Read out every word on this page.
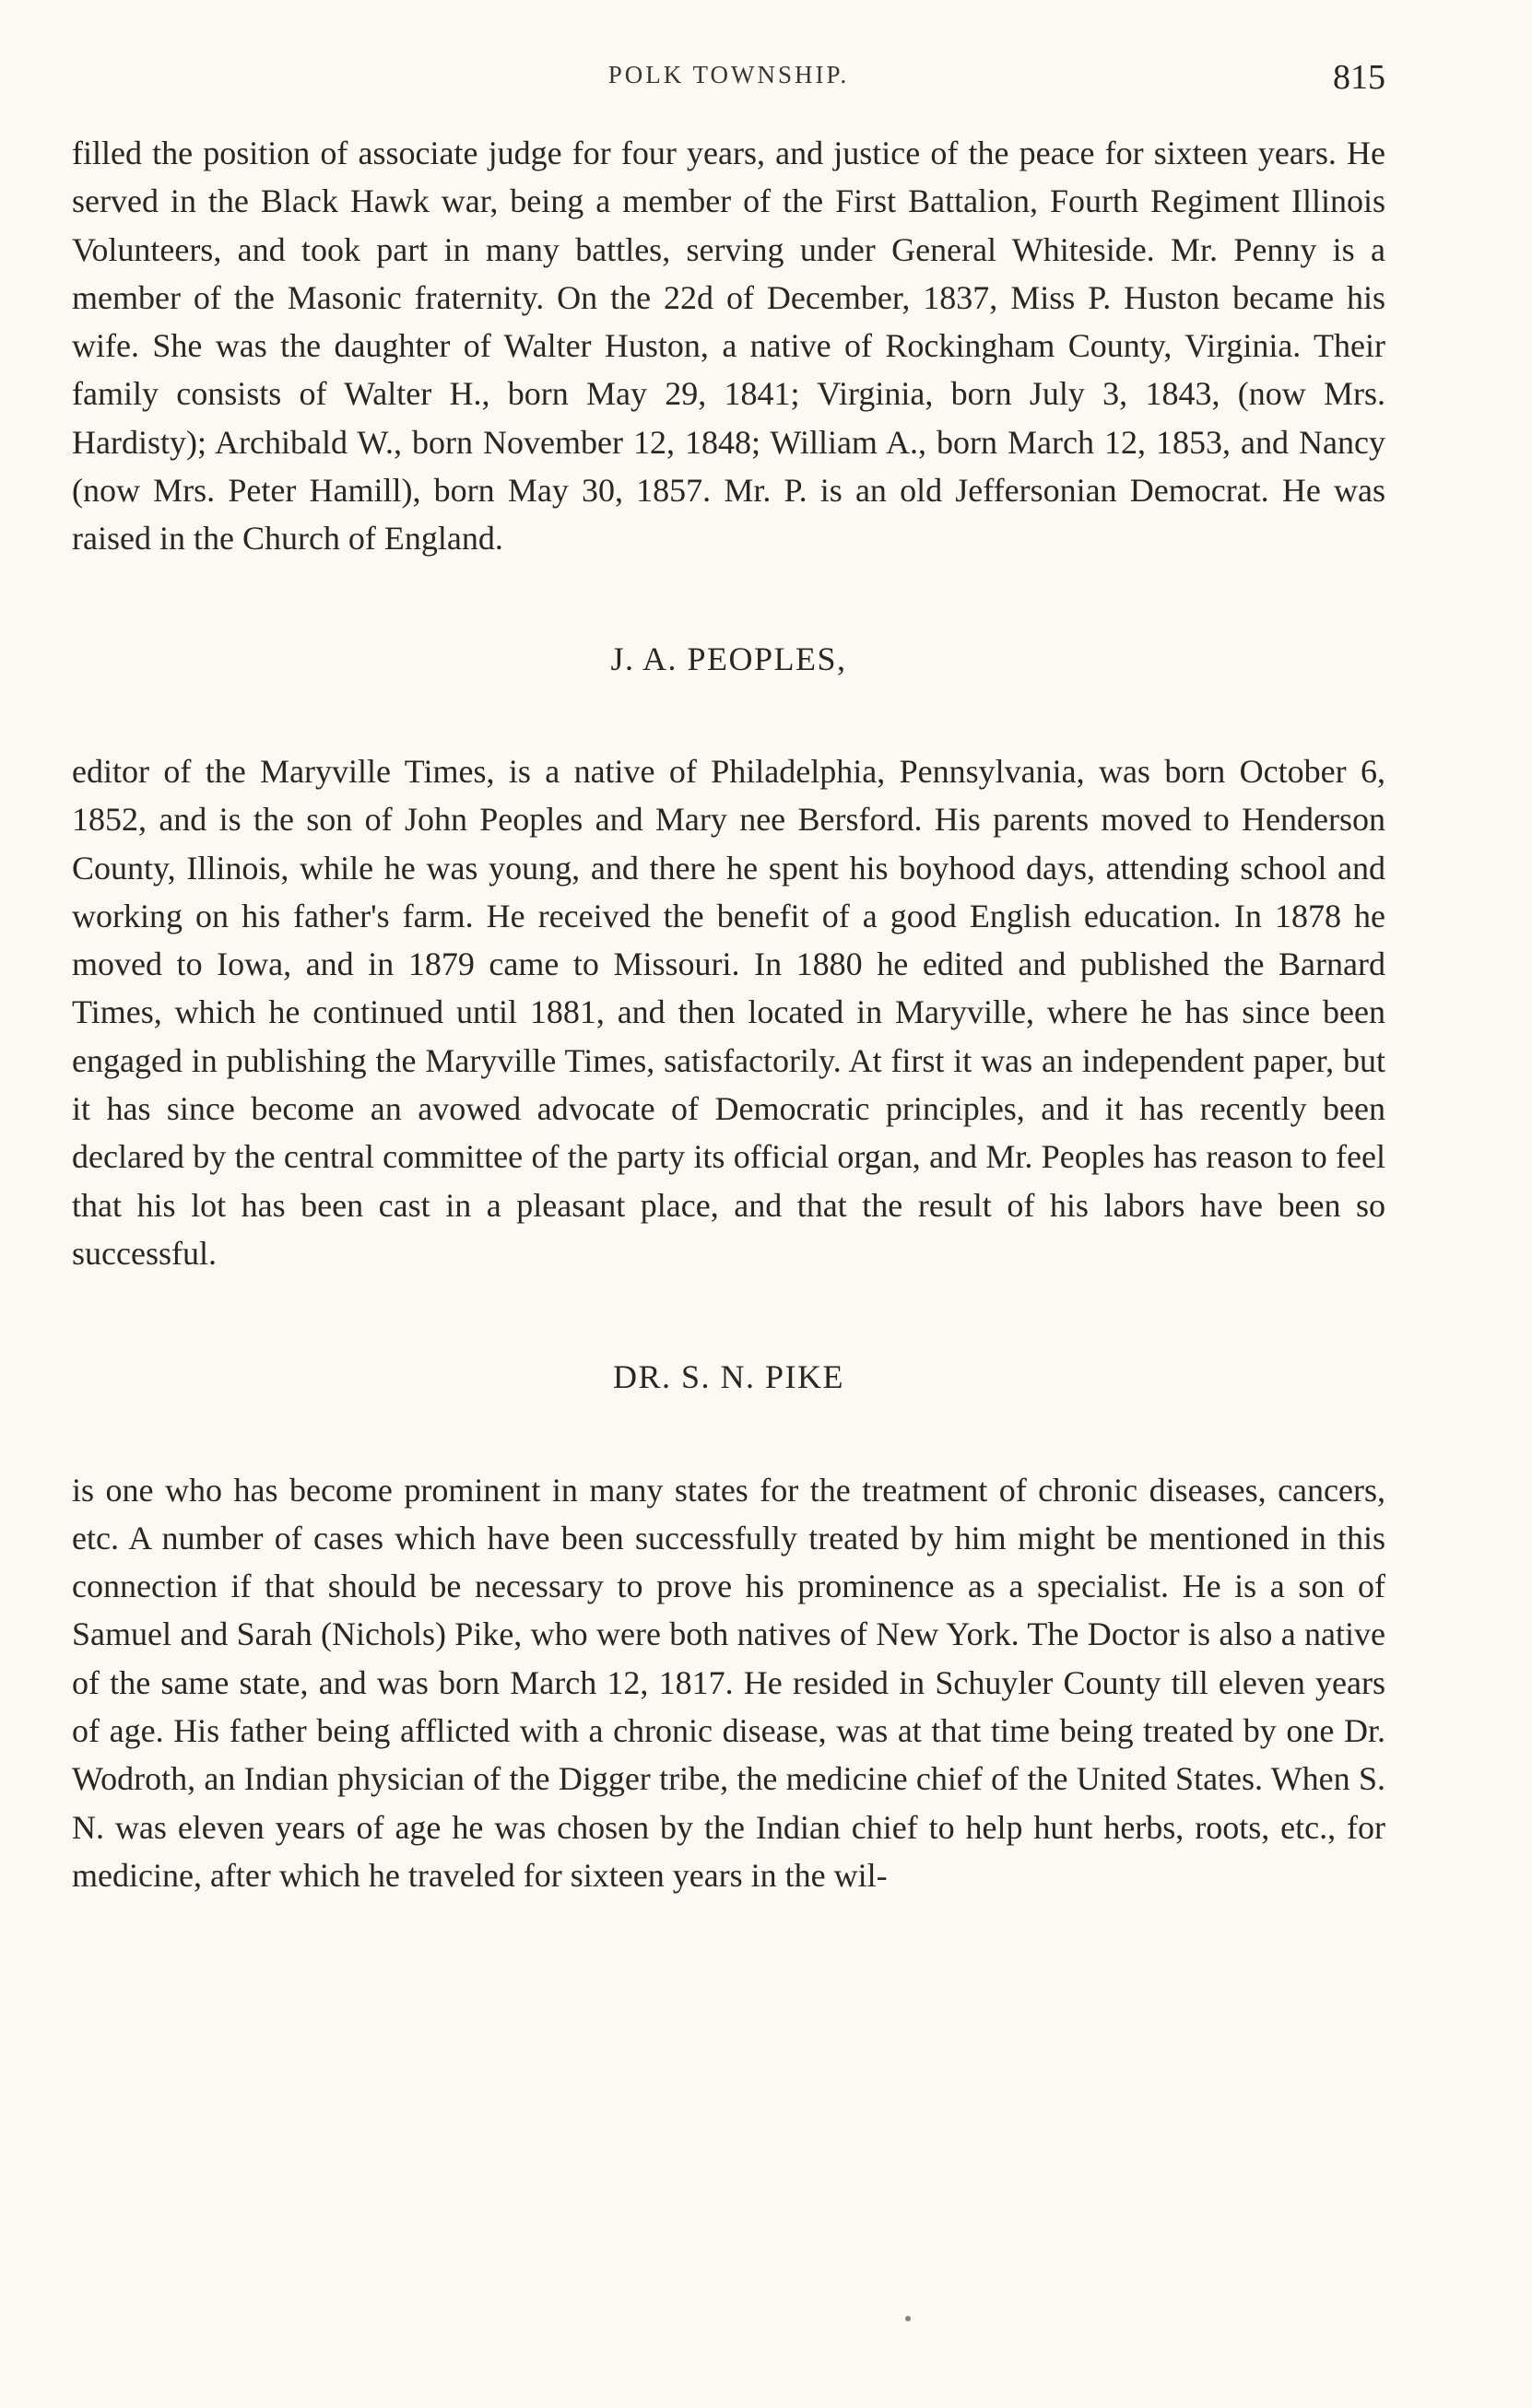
POLK TOWNSHIP.	815

filled the position of associate judge for four years, and justice of the peace for sixteen years. He served in the Black Hawk war, being a member of the First Battalion, Fourth Regiment Illinois Volunteers, and took part in many battles, serving under General Whiteside. Mr. Penny is a member of the Masonic fraternity. On the 22d of December, 1837, Miss P. Huston became his wife. She was the daughter of Walter Huston, a native of Rockingham County, Virginia. Their family consists of Walter H., born May 29, 1841; Virginia, born July 3, 1843, (now Mrs. Hardisty); Archibald W., born November 12, 1848; William A., born March 12, 1853, and Nancy (now Mrs. Peter Hamill), born May 30, 1857. Mr. P. is an old Jeffersonian Democrat. He was raised in the Church of England.

J. A. PEOPLES,

editor of the Maryville Times, is a native of Philadelphia, Pennsylvania, was born October 6, 1852, and is the son of John Peoples and Mary nee Bersford. His parents moved to Henderson County, Illinois, while he was young, and there he spent his boyhood days, attending school and working on his father's farm. He received the benefit of a good English education. In 1878 he moved to Iowa, and in 1879 came to Missouri. In 1880 he edited and published the Barnard Times, which he continued until 1881, and then located in Maryville, where he has since been engaged in publishing the Maryville Times, satisfactorily. At first it was an independent paper, but it has since become an avowed advocate of Democratic principles, and it has recently been declared by the central committee of the party its official organ, and Mr. Peoples has reason to feel that his lot has been cast in a pleasant place, and that the result of his labors have been so successful.

DR. S. N. PIKE

is one who has become prominent in many states for the treatment of chronic diseases, cancers, etc. A number of cases which have been successfully treated by him might be mentioned in this connection if that should be necessary to prove his prominence as a specialist. He is a son of Samuel and Sarah (Nichols) Pike, who were both natives of New York. The Doctor is also a native of the same state, and was born March 12, 1817. He resided in Schuyler County till eleven years of age. His father being afflicted with a chronic disease, was at that time being treated by one Dr. Wodroth, an Indian physician of the Digger tribe, the medicine chief of the United States. When S. N. was eleven years of age he was chosen by the Indian chief to help hunt herbs, roots, etc., for medicine, after which he traveled for sixteen years in the wil-
